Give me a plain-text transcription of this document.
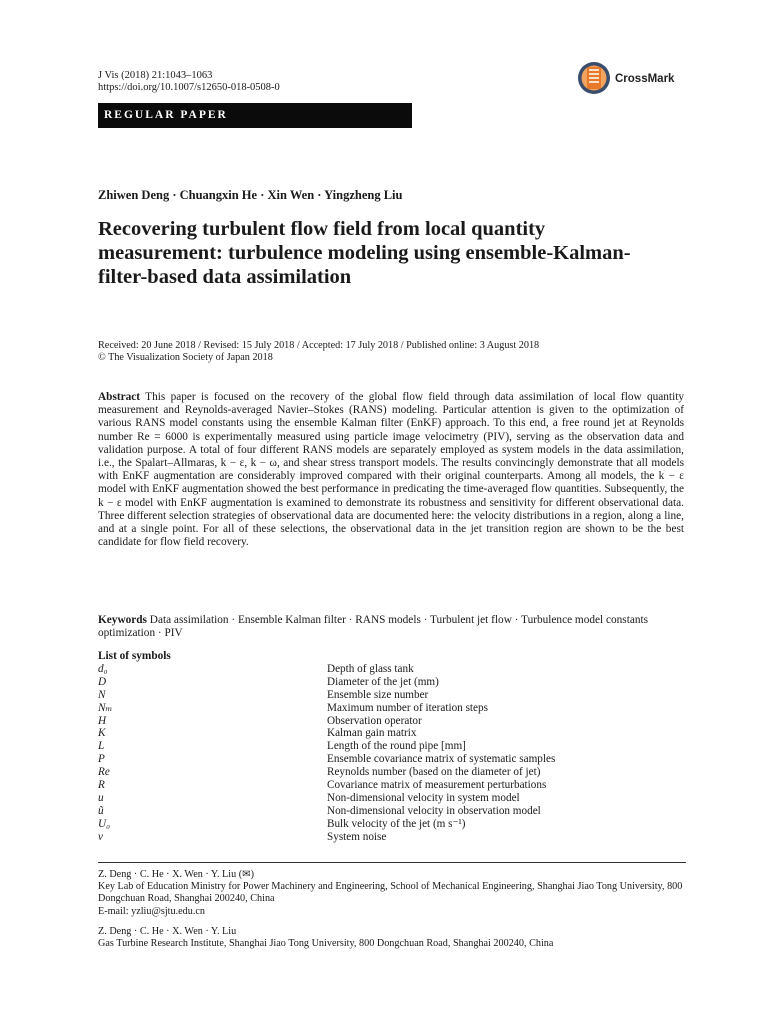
J Vis (2018) 21:1043–1063
https://doi.org/10.1007/s12650-018-0508-0
CrossMark
REGULAR PAPER
Zhiwen Deng · Chuangxin He · Xin Wen · Yingzheng Liu
Recovering turbulent flow field from local quantity measurement: turbulence modeling using ensemble-Kalman-filter-based data assimilation
Received: 20 June 2018 / Revised: 15 July 2018 / Accepted: 17 July 2018 / Published online: 3 August 2018
© The Visualization Society of Japan 2018
Abstract This paper is focused on the recovery of the global flow field through data assimilation of local flow quantity measurement and Reynolds-averaged Navier–Stokes (RANS) modeling. Particular attention is given to the optimization of various RANS model constants using the ensemble Kalman filter (EnKF) approach. To this end, a free round jet at Reynolds number Re = 6000 is experimentally measured using particle image velocimetry (PIV), serving as the observation data and validation purpose. A total of four different RANS models are separately employed as system models in the data assimilation, i.e., the Spalart–Allmaras, k − ε, k − ω, and shear stress transport models. The results convincingly demonstrate that all models with EnKF augmentation are considerably improved compared with their original counterparts. Among all models, the k − ε model with EnKF augmentation showed the best performance in predicating the time-averaged flow quantities. Subsequently, the k − ε model with EnKF augmentation is examined to demonstrate its robustness and sensitivity for different observational data. Three different selection strategies of observational data are documented here: the velocity distributions in a region, along a line, and at a single point. For all of these selections, the observational data in the jet transition region are shown to be the best candidate for flow field recovery.
Keywords Data assimilation · Ensemble Kalman filter · RANS models · Turbulent jet flow · Turbulence model constants optimization · PIV
List of symbols
d₀	Depth of glass tank
D	Diameter of the jet (mm)
N	Ensemble size number
Nₘ	Maximum number of iteration steps
H	Observation operator
K	Kalman gain matrix
L	Length of the round pipe [mm]
P	Ensemble covariance matrix of systematic samples
Re	Reynolds number (based on the diameter of jet)
R	Covariance matrix of measurement perturbations
u	Non-dimensional velocity in system model
ũ	Non-dimensional velocity in observation model
U₀	Bulk velocity of the jet (m s⁻¹)
v	System noise
Z. Deng · C. He · X. Wen · Y. Liu (✉)
Key Lab of Education Ministry for Power Machinery and Engineering, School of Mechanical Engineering, Shanghai Jiao Tong University, 800 Dongchuan Road, Shanghai 200240, China
E-mail: yzliu@sjtu.edu.cn
Z. Deng · C. He · X. Wen · Y. Liu
Gas Turbine Research Institute, Shanghai Jiao Tong University, 800 Dongchuan Road, Shanghai 200240, China
